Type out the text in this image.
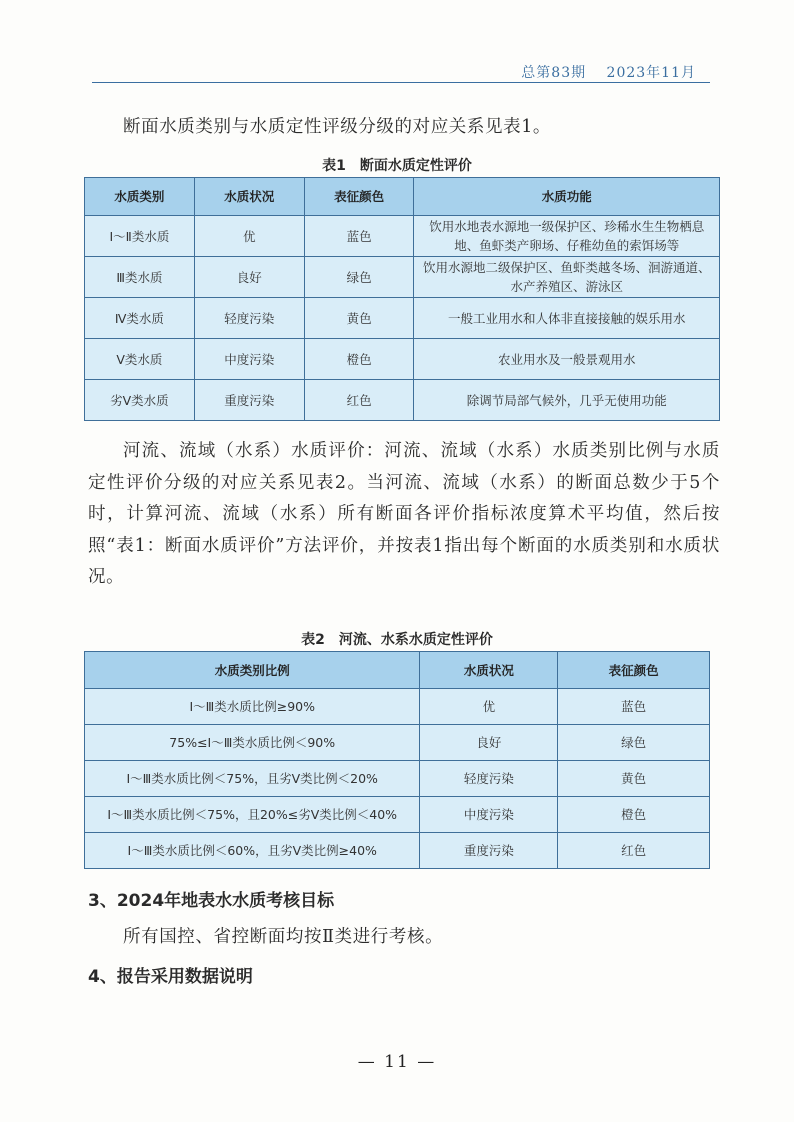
总第83期　 2023年11月
断面水质类别与水质定性评级分级的对应关系见表1。
表1　断面水质定性评价
水质类别	水质状况	表征颜色	水质功能
Ⅰ～Ⅱ类水质	优	蓝色	饮用水地表水源地一级保护区、珍稀水生生物栖息地、鱼虾类产卵场、仔稚幼鱼的索饵场等
Ⅲ类水质	良好	绿色	饮用水源地二级保护区、鱼虾类越冬场、洄游通道、水产养殖区、游泳区
Ⅳ类水质	轻度污染	黄色	一般工业用水和人体非直接接触的娱乐用水
Ⅴ类水质	中度污染	橙色	农业用水及一般景观用水
劣Ⅴ类水质	重度污染	红色	除调节局部气候外，几乎无使用功能
河流、流域（水系）水质评价：河流、流域（水系）水质类别比例与水质定性评价分级的对应关系见表2。当河流、流域（水系）的断面总数少于5个时，计算河流、流域（水系）所有断面各评价指标浓度算术平均值，然后按照“表1：断面水质评价”方法评价，并按表1指出每个断面的水质类别和水质状况。
表2　河流、水系水质定性评价
水质类别比例	水质状况	表征颜色
Ⅰ～Ⅲ类水质比例≥90%	优	蓝色
75%≤Ⅰ～Ⅲ类水质比例＜90%	良好	绿色
Ⅰ～Ⅲ类水质比例＜75%，且劣Ⅴ类比例＜20%	轻度污染	黄色
Ⅰ～Ⅲ类水质比例＜75%，且20%≤劣Ⅴ类比例＜40%	中度污染	橙色
Ⅰ～Ⅲ类水质比例＜60%，且劣Ⅴ类比例≥40%	重度污染	红色
3、2024年地表水水质考核目标
所有国控、省控断面均按Ⅱ类进行考核。
4、报告采用数据说明
— 11 —
